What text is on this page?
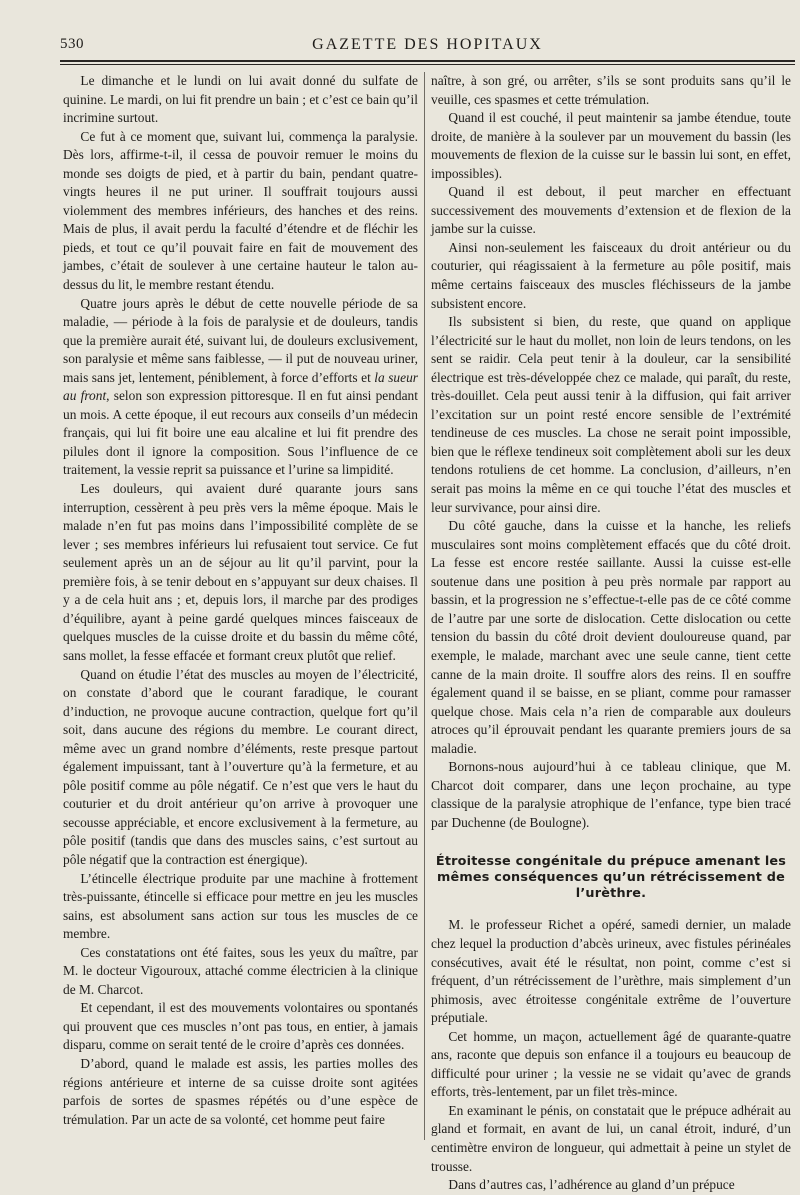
530	GAZETTE DES HOPITAUX

Le dimanche et le lundi on lui avait donné du sulfate de quinine. Le mardi, on lui fit prendre un bain ; et c’est ce bain qu’il incrimine surtout.

Ce fut à ce moment que, suivant lui, commença la paralysie. Dès lors, affirme-t-il, il cessa de pouvoir remuer le moins du monde ses doigts de pied, et à partir du bain, pendant quatre-vingts heures il ne put uriner. Il souffrait toujours aussi violemment des membres inférieurs, des hanches et des reins. Mais de plus, il avait perdu la faculté d’étendre et de fléchir les pieds, et tout ce qu’il pouvait faire en fait de mouvement des jambes, c’était de soulever à une certaine hauteur le talon au-dessus du lit, le membre restant étendu.

Quatre jours après le début de cette nouvelle période de sa maladie, — période à la fois de paralysie et de douleurs, tandis que la première aurait été, suivant lui, de douleurs exclusivement, son paralysie et même sans faiblesse, — il put de nouveau uriner, mais sans jet, lentement, péniblement, à force d’efforts et la sueur au front, selon son expression pittoresque. Il en fut ainsi pendant un mois. A cette époque, il eut recours aux conseils d’un médecin français, qui lui fit boire une eau alcaline et lui fit prendre des pilules dont il ignore la composition. Sous l’influence de ce traitement, la vessie reprit sa puissance et l’urine sa limpidité.

Les douleurs, qui avaient duré quarante jours sans interruption, cessèrent à peu près vers la même époque. Mais le malade n’en fut pas moins dans l’impossibilité complète de se lever ; ses membres inférieurs lui refusaient tout service. Ce fut seulement après un an de séjour au lit qu’il parvint, pour la première fois, à se tenir debout en s’appuyant sur deux chaises. Il y a de cela huit ans ; et, depuis lors, il marche par des prodiges d’équilibre, ayant à peine gardé quelques minces faisceaux de quelques muscles de la cuisse droite et du bassin du même côté, sans mollet, la fesse effacée et formant creux plutôt que relief.

Quand on étudie l’état des muscles au moyen de l’électricité, on constate d’abord que le courant faradique, le courant d’induction, ne provoque aucune contraction, quelque fort qu’il soit, dans aucune des régions du membre. Le courant direct, même avec un grand nombre d’éléments, reste presque partout également impuissant, tant à l’ouverture qu’à la fermeture, et au pôle positif comme au pôle négatif. Ce n’est que vers le haut du couturier et du droit antérieur qu’on arrive à provoquer une secousse appréciable, et encore exclusivement à la fermeture, au pôle positif (tandis que dans des muscles sains, c’est surtout au pôle négatif que la contraction est énergique).

L’étincelle électrique produite par une machine à frottement très-puissante, étincelle si efficace pour mettre en jeu les muscles sains, est absolument sans action sur tous les muscles de ce membre.

Ces constatations ont été faites, sous les yeux du maître, par M. le docteur Vigouroux, attaché comme électricien à la clinique de M. Charcot.

Et cependant, il est des mouvements volontaires ou spontanés qui prouvent que ces muscles n’ont pas tous, en entier, à jamais disparu, comme on serait tenté de le croire d’après ces données.

D’abord, quand le malade est assis, les parties molles des régions antérieure et interne de sa cuisse droite sont agitées parfois de sortes de spasmes répétés ou d’une espèce de trémulation. Par un acte de sa volonté, cet homme peut faire

naître, à son gré, ou arrêter, s’ils se sont produits sans qu’il le veuille, ces spasmes et cette trémulation.

Quand il est couché, il peut maintenir sa jambe étendue, toute droite, de manière à la soulever par un mouvement du bassin (les mouvements de flexion de la cuisse sur le bassin lui sont, en effet, impossibles).

Quand il est debout, il peut marcher en effectuant successivement des mouvements d’extension et de flexion de la jambe sur la cuisse.

Ainsi non-seulement les faisceaux du droit antérieur ou du couturier, qui réagissaient à la fermeture au pôle positif, mais même certains faisceaux des muscles fléchisseurs de la jambe subsistent encore.

Ils subsistent si bien, du reste, que quand on applique l’électricité sur le haut du mollet, non loin de leurs tendons, on les sent se raidir. Cela peut tenir à la douleur, car la sensibilité électrique est très-développée chez ce malade, qui paraît, du reste, très-douillet. Cela peut aussi tenir à la diffusion, qui fait arriver l’excitation sur un point resté encore sensible de l’extrémité tendineuse de ces muscles. La chose ne serait point impossible, bien que le réflexe tendineux soit complètement aboli sur les deux tendons rotuliens de cet homme. La conclusion, d’ailleurs, n’en serait pas moins la même en ce qui touche l’état des muscles et leur survivance, pour ainsi dire.

Du côté gauche, dans la cuisse et la hanche, les reliefs musculaires sont moins complètement effacés que du côté droit. La fesse est encore restée saillante. Aussi la cuisse est-elle soutenue dans une position à peu près normale par rapport au bassin, et la progression ne s’effectue-t-elle pas de ce côté comme de l’autre par une sorte de dislocation. Cette dislocation ou cette tension du bassin du côté droit devient douloureuse quand, par exemple, le malade, marchant avec une seule canne, tient cette canne de la main droite. Il souffre alors des reins. Il en souffre également quand il se baisse, en se pliant, comme pour ramasser quelque chose. Mais cela n’a rien de comparable aux douleurs atroces qu’il éprouvait pendant les quarante premiers jours de sa maladie.

Bornons-nous aujourd’hui à ce tableau clinique, que M. Charcot doit comparer, dans une leçon prochaine, au type classique de la paralysie atrophique de l’enfance, type bien tracé par Duchenne (de Boulogne).

Étroitesse congénitale du prépuce amenant les mêmes conséquences qu’un rétrécissement de l’urèthre.

M. le professeur Richet a opéré, samedi dernier, un malade chez lequel la production d’abcès urineux, avec fistules périnéales consécutives, avait été le résultat, non point, comme c’est si fréquent, d’un rétrécissement de l’urèthre, mais simplement d’un phimosis, avec étroitesse congénitale extrême de l’ouverture préputiale.

Cet homme, un maçon, actuellement âgé de quarante-quatre ans, raconte que depuis son enfance il a toujours eu beaucoup de difficulté pour uriner ; la vessie ne se vidait qu’avec de grands efforts, très-lentement, par un filet très-mince.

En examinant le pénis, on constatait que le prépuce adhérait au gland et formait, en avant de lui, un canal étroit, induré, d’un centimètre environ de longueur, qui admettait à peine un stylet de trousse.

Dans d’autres cas, l’adhérence au gland d’un prépuce
